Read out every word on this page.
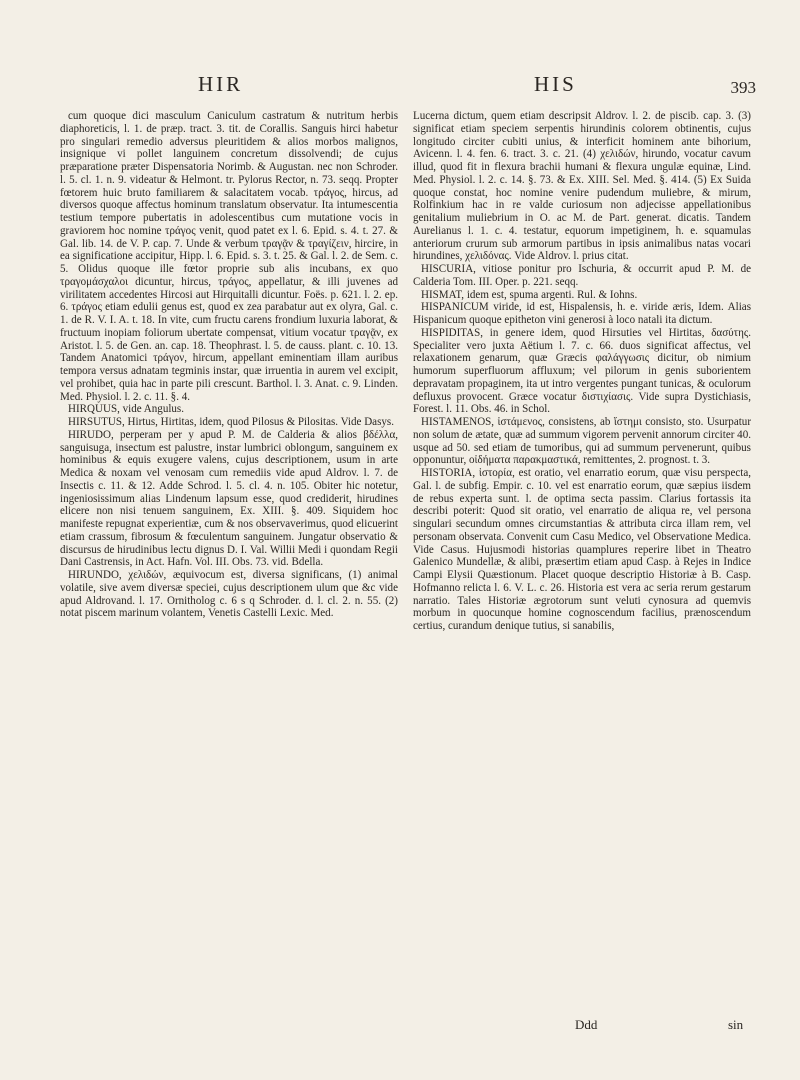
HIR	HIS	393

cum quoque dici masculum Caniculum castratum & nutritum herbis diaphoreticis, l. 1. de præp. tract. 3. tit. de Corallis. Sanguis hirci habetur pro singulari remedio adversus pleuritidem & alios morbos malignos, insignique vi pollet languinem concretum dissolvendi; de cujus præparatione præter Dispensatoria Norimb. & Augustan. nec non Schroder. l. 5. cl. 1. n. 9. videatur & Helmont. tr. Pylorus Rector, n. 73. seqq. Propter fœtorem huic bruto familiarem & salacitatem vocab. τράγος, hircus, ad diversos quoque affectus hominum translatum observatur. Ita intumescentia testium tempore pubertatis in adolescentibus cum mutatione vocis in graviorem hoc nomine τράγος venit, quod patet ex l. 6. Epid. s. 4. t. 27. & Gal. lib. 14. de V. P. cap. 7. Unde & verbum τραγᾷν & τραγίζειν, hircire, in ea significatione accipitur, Hipp. l. 6. Epid. s. 3. t. 25. & Gal. l. 2. de Sem. c. 5. Olidus quoque ille fœtor proprie sub alis incubans, ex quo τραγομάσχαλοι dicuntur, hircus, τράγος, appellatur, & illi juvenes ad virilitatem accedentes Hircosi aut Hirquitalli dicuntur. Foës. p. 621. l. 2. ep. 6. τράγος etiam edulii genus est, quod ex zea parabatur aut ex olyra, Gal. c. 1. de R. V. I. A. t. 18. In vite, cum fructu carens frondium luxuria laborat, & fructuum inopiam foliorum ubertate compensat, vitium vocatur τραγᾷν, ex Aristot. l. 5. de Gen. an. cap. 18. Theophrast. l. 5. de causs. plant. c. 10. 13. Tandem Anatomici τράγον, hircum, appellant eminentiam illam auribus tempora versus adnatam tegminis instar, quæ irruentia in aurem vel excipit, vel prohibet, quia hac in parte pili crescunt. Barthol. l. 3. Anat. c. 9. Linden. Med. Physiol. l. 2. c. 11. §. 4.

HIRQUUS, vide Angulus.

HIRSUTUS, Hirtus, Hirtitas, idem, quod Pilosus & Pilositas. Vide Dasys.

HIRUDO, perperam per y apud P. M. de Calderia & alios βδέλλα, sanguisuga, insectum est palustre, instar lumbrici oblongum, sanguinem ex hominibus & equis exugere valens, cujus descriptionem, usum in arte Medica & noxam vel venosam cum remediis vide apud Aldrov. l. 7. de Insectis c. 11. & 12. Adde Schrod. l. 5. cl. 4. n. 105. Obiter hic notetur, ingeniosissimum alias Lindenum lapsum esse, quod crediderit, hirudines elicere non nisi tenuem sanguinem, Ex. XIII. §. 409. Siquidem hoc manifeste repugnat experientiæ, cum & nos observaverimus, quod elicuerint etiam crassum, fibrosum & fœculentum sanguinem. Jungatur observatio & discursus de hirudinibus lectu dignus D. I. Val. Willii Medi i quondam Regii Dani Castrensis, in Act. Hafn. Vol. III. Obs. 73. vid. Bdella.

HIRUNDO, χελιδών, æquivocum est, diversa significans, (1) animal volatile, sive avem diversæ speciei, cujus descriptionem ulum que &c vide apud Aldrovand. l. 17. Ornitholog c. 6 s q Schroder. d. l. cl. 2. n. 55. (2) notat piscem marinum volantem, Venetis Castelli Lexic. Med.

Lucerna dictum, quem etiam descripsit Aldrov. l. 2. de piscib. cap. 3. (3) significat etiam speciem serpentis hirundinis colorem obtinentis, cujus longitudo circiter cubiti unius, & interficit hominem ante bihorium, Avicenn. l. 4. fen. 6. tract. 3. c. 21. (4) χελιδών, hirundo, vocatur cavum illud, quod fit in flexura brachii humani & flexura ungulæ equinæ, Lind. Med. Physiol. l. 2. c. 14. §. 73. & Ex. XIII. Sel. Med. §. 414. (5) Ex Suida quoque constat, hoc nomine venire pudendum muliebre, & mirum, Rolfinkium hac in re valde curiosum non adjecisse appellationibus genitalium muliebrium in O. ac M. de Part. generat. dicatis. Tandem Aurelianus l. 1. c. 4. testatur, equorum impetiginem, h. e. squamulas anteriorum crurum sub armorum partibus in ipsis animalibus natas vocari hirundines, χελιδόνας. Vide Aldrov. l. prius citat.

HISCURIA, vitiose ponitur pro Ischuria, & occurrit apud P. M. de Calderia Tom. III. Oper. p. 221. seqq.

HISMAT, idem est, spuma argenti. Rul. & Iohns.

HISPANICUM viride, id est, Hispalensis, h. e. viride æris, Idem. Alias Hispanicum quoque epitheton vini generosi à loco natali ita dictum.

HISPIDITAS, in genere idem, quod Hirsuties vel Hirtitas, δασύτης. Specialiter vero juxta Aëtium l. 7. c. 66. duos significat affectus, vel relaxationem genarum, quæ Græcis φαλάγγωσις dicitur, ob nimium humorum superfluorum affluxum; vel pilorum in genis suborientem depravatam propaginem, ita ut intro vergentes pungant tunicas, & oculorum defluxus provocent. Græce vocatur διστιχίασις. Vide supra Dystichiasis, Forest. l. 11. Obs. 46. in Schol.

HISTAMENOS, ἱστάμενος, consistens, ab ἵστημι consisto, sto. Usurpatur non solum de ætate, quæ ad summum vigorem pervenit annorum circiter 40. usque ad 50. sed etiam de tumoribus, qui ad summum pervenerunt, quibus opponuntur, οἰδήματα παρακμαστικά, remittentes, 2. prognost. t. 3.

HISTORIA, ἱστορία, est oratio, vel enarratio eorum, quæ visu perspecta, Gal. l. de subfig. Empir. c. 10. vel est enarratio eorum, quæ sæpius iisdem de rebus experta sunt. l. de optima secta passim. Clarius fortassis ita describi poterit: Quod sit oratio, vel enarratio de aliqua re, vel persona singulari secundum omnes circumstantias & attributa circa illam rem, vel personam observata. Convenit cum Casu Medico, vel Observatione Medica. Vide Casus. Hujusmodi historias quamplures reperire libet in Theatro Galenico Mundellæ, & alibi, præsertim etiam apud Casp. à Rejes in Indice Campi Elysii Quæstionum. Placet quoque descriptio Historiæ à B. Casp. Hofmanno relicta l. 6. V. L. c. 26. Historia est vera ac seria rerum gestarum narratio. Tales Historiæ ægrotorum sunt veluti cynosura ad quemvis morbum in quocunque homine cognoscendum facilius, prænoscendum certius, curandum denique tutius, si sanabilis,

Ddd	sin
